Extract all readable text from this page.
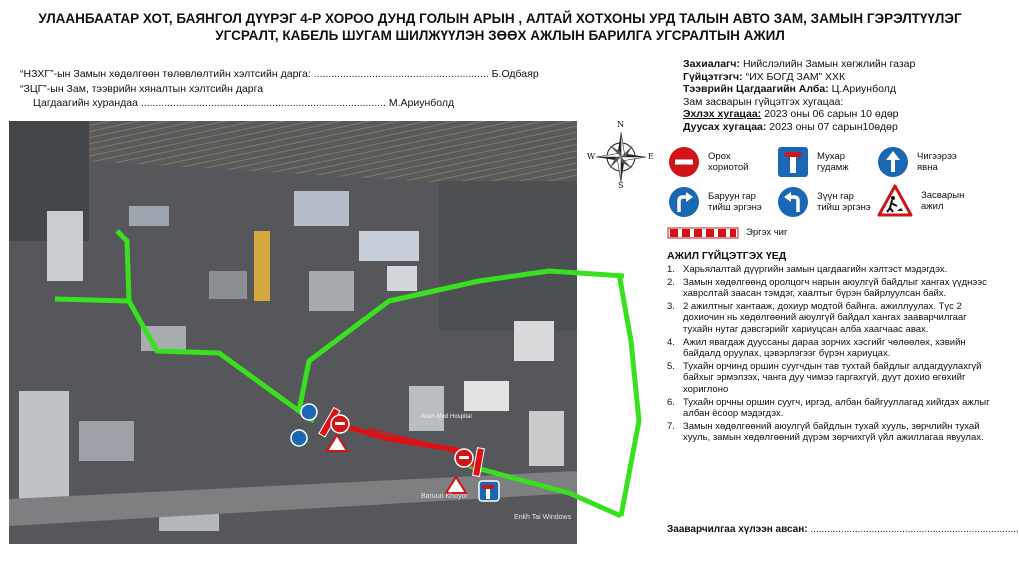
УЛААНБААТАР ХОТ, БАЯНГОЛ ДҮҮРЭГ 4-Р ХОРОО ДУНД ГОЛЫН АРЫН , АЛТАЙ ХОТХОНЫ УРД ТАЛЫН АВТО ЗАМ, ЗАМЫН ГЭРЭЛТҮҮЛЭГ
УГСРАЛТ, КАБЕЛЬ ШУГАМ ШИЛЖҮҮЛЭН ЗӨӨХ АЖЛЫН БАРИЛГА УГСРАЛТЫН АЖИЛ
“НЗХГ”-ын Замын хөдөлгөөн төлөвлөлтийн хэлтсийн дарга: ............................................................ Б.Одбаяр
“ЗЦГ”-ын Зам, тээврийн хяналтын хэлтсийн дарга
Цагдаагийн хурандаа .................................................................................... М.Ариунболд
Захиалагч: Нийслэлийн Замын хөгжлийн газар
Гүйцэтгэгч: “ИХ БОГД ЗАМ” ХХК
Тээврийн Цагдаагийн Алба: Ц.Ариунболд
Зам засварын гүйцэтгэх хугацаа:
Эхлэх хугацаа: 2023 оны 06 сарын 10 өдөр
Дуусах хугацаа: 2023 оны 07 сарын10өдөр
Altan-Med Hospital
Baruun Khoyor
Enkh Tai Windows
Google Earth
N
S
E
W	Орох
хориотой
Мухар
гудамж
Чигээрээ
явна
Баруун гар
тийш эргэнэ
Зүүн гар
тийш эргэнэ
Засварын
ажил
Эргэх чиг
АЖИЛ ГҮЙЦЭТГЭХ ҮЕД
1. Харьялалтай дүүргийн замын цагдаагийн хэлтэст мэдэгдэх.
2. Замын хөдөлгөөнд оролцогч нарын аюулгүй байдлыг хангах үүднээс хаврслтай заасан тэмдэг, хаалтыг бүрэн байрлуулсан байх.
3. 2 ажилтныг хантааж, дохиур модтой байнга. ажиллуулах. Түс 2 дохиочин нь хөдөлгөөний аюулгүй байдал хангах зааварчилгааг тухайн нутаг дэвсгэрийг хариуцсан алба хаагчаас авах.
4. Ажил явагдаж дууссаны дараа зорчих хэсгийг чөлөөлөх, хэвийн байдалд оруулах, цэвэрлэгээг бүрэн хариуцах.
5. Тухайн орчинд оршин суугчдын тав тухтай байдлыг алдагдуулахгүй байхыг эрмэлзэх, чанга дуу чимээ гаргахгүй, дуут дохио өгөхийг хориглоно
6. Тухайн орчны оршин суугч, иргэд, албан байгууллагад хийгдэх ажлыг албан ёсоор мэдэгдэх.
7. Замын хөдөлгөөний аюулгүй байдлын тухай хууль, зөрчлийн тухай хууль, замын хөдөлгөөний дүрэм зөрчихгүй үйл ажиллагаа явуулах.
Зааварчилгаа хүлээн авсан: ...........................................................................
